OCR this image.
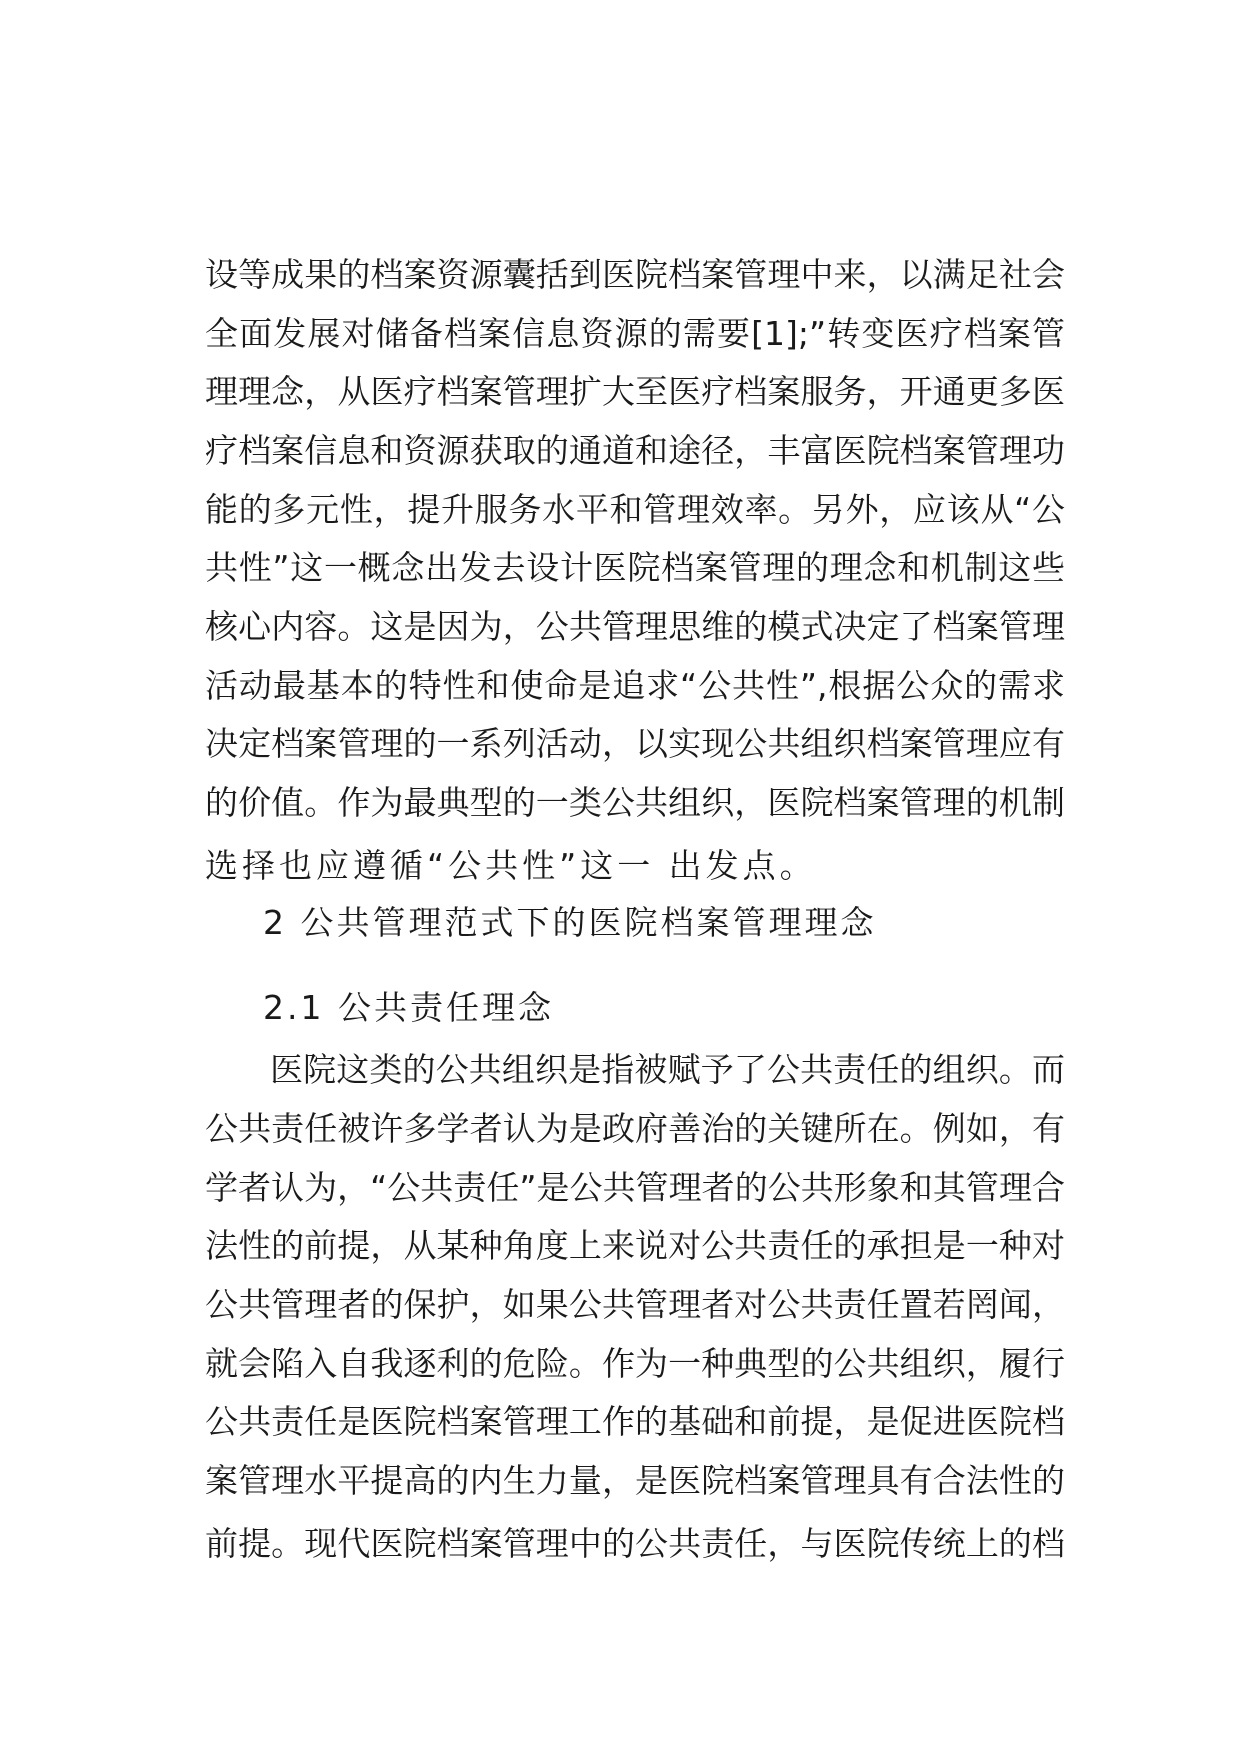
设等成果的档案资源囊括到医院档案管理中来，以满足社会
全面发展对储备档案信息资源的需要[1];”转变医疗档案管
理理念，从医疗档案管理扩大至医疗档案服务，开通更多医
疗档案信息和资源获取的通道和途径，丰富医院档案管理功
能的多元性，提升服务水平和管理效率。另外，应该从“公
共性”这一概念出发去设计医院档案管理的理念和机制这些
核心内容。这是因为，公共管理思维的模式决定了档案管理
活动最基本的特性和使命是追求“公共性”,根据公众的需求
决定档案管理的一系列活动，以实现公共组织档案管理应有
的价值。作为最典型的一类公共组织，医院档案管理的机制
选择也应遵循“公共性”这一 出发点。
2 公共管理范式下的医院档案管理理念
2.1 公共责任理念
医院这类的公共组织是指被赋予了公共责任的组织。而
公共责任被许多学者认为是政府善治的关键所在。例如，有
学者认为，“公共责任”是公共管理者的公共形象和其管理合
法性的前提，从某种角度上来说对公共责任的承担是一种对
公共管理者的保护，如果公共管理者对公共责任置若罔闻，
就会陷入自我逐利的危险。作为一种典型的公共组织，履行
公共责任是医院档案管理工作的基础和前提，是促进医院档
案管理水平提高的内生力量，是医院档案管理具有合法性的
前提。现代医院档案管理中的公共责任，与医院传统上的档
